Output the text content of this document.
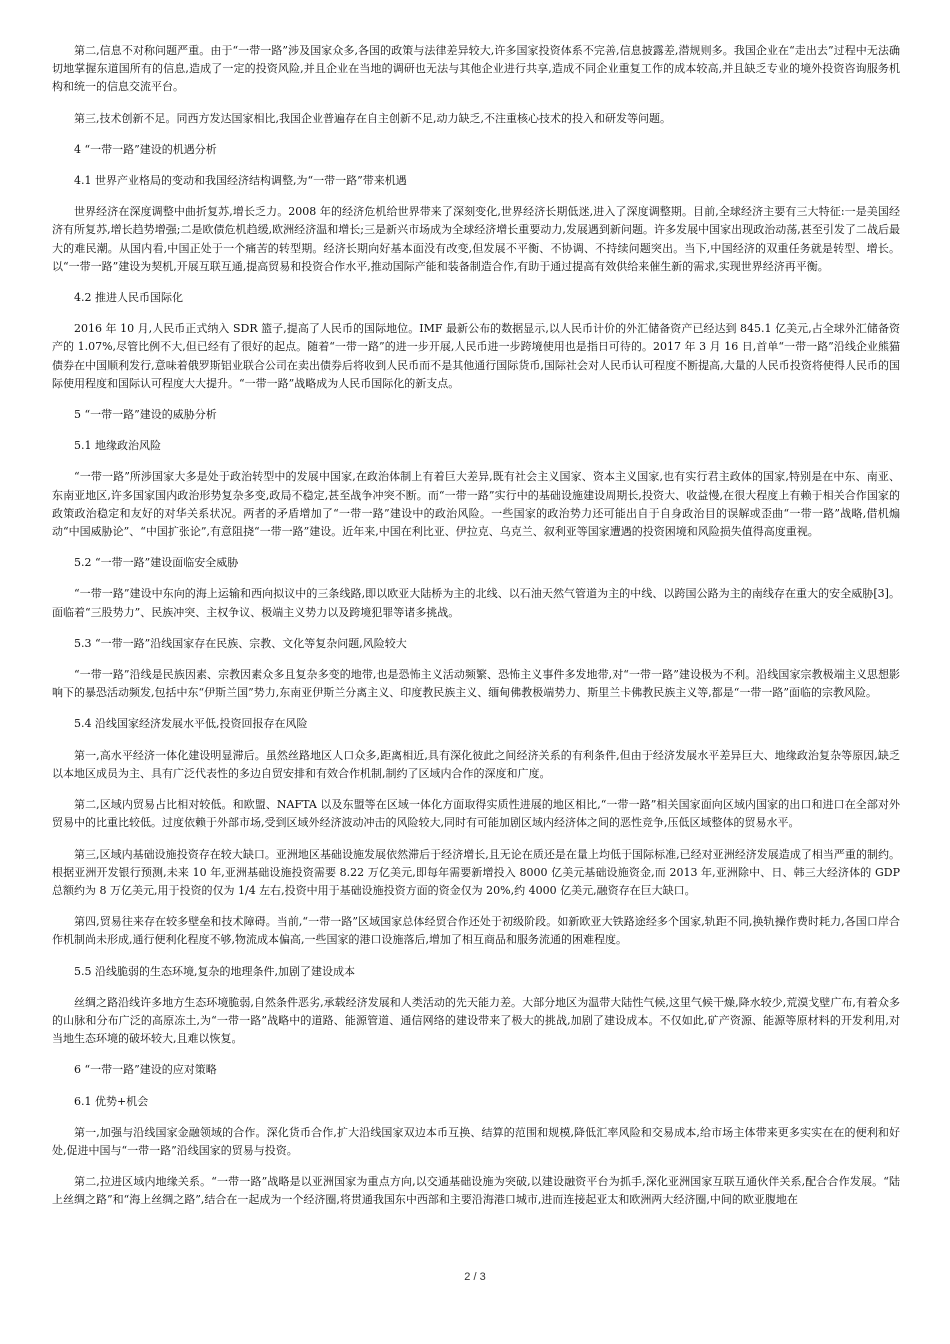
第二,信息不对称问题严重。由于“一带一路”涉及国家众多,各国的政策与法律差异较大,许多国家投资体系不完善,信息披露差,潜规则多。我国企业在“走出去”过程中无法确切地掌握东道国所有的信息,造成了一定的投资风险,并且企业在当地的调研也无法与其他企业进行共享,造成不同企业重复工作的成本较高,并且缺乏专业的境外投资咨询服务机构和统一的信息交流平台。

第三,技术创新不足。同西方发达国家相比,我国企业普遍存在自主创新不足,动力缺乏,不注重核心技术的投入和研发等问题。

4 “一带一路”建设的机遇分析

4.1 世界产业格局的变动和我国经济结构调整,为“一带一路”带来机遇

世界经济在深度调整中曲折复苏,增长乏力。2008 年的经济危机给世界带来了深刻变化,世界经济长期低迷,进入了深度调整期。目前,全球经济主要有三大特征:一是美国经济有所复苏,增长趋势增强;二是欧债危机趋缓,欧洲经济温和增长;三是新兴市场成为全球经济增长重要动力,发展遇到新问题。许多发展中国家出现政治动荡,甚至引发了二战后最大的难民潮。从国内看,中国正处于一个痛苦的转型期。经济长期向好基本面没有改变,但发展不平衡、不协调、不持续问题突出。当下,中国经济的双重任务就是转型、增长。以“一带一路”建设为契机,开展互联互通,提高贸易和投资合作水平,推动国际产能和装备制造合作,有助于通过提高有效供给来催生新的需求,实现世界经济再平衡。

4.2 推进人民币国际化

2016 年 10 月,人民币正式纳入 SDR 篮子,提高了人民币的国际地位。IMF 最新公布的数据显示,以人民币计价的外汇储备资产已经达到 845.1 亿美元,占全球外汇储备资产的 1.07%,尽管比例不大,但已经有了很好的起点。随着“一带一路”的进一步开展,人民币进一步跨境使用也是指日可待的。2017 年 3 月 16 日,首单“一带一路”沿线企业熊猫债券在中国顺利发行,意味着俄罗斯铝业联合公司在卖出债券后将收到人民币而不是其他通行国际货币,国际社会对人民币认可程度不断提高,大量的人民币投资将使得人民币的国际使用程度和国际认可程度大大提升。“一带一路”战略成为人民币国际化的新支点。

5 “一带一路”建设的威胁分析

5.1 地缘政治风险

“一带一路”所涉国家大多是处于政治转型中的发展中国家,在政治体制上有着巨大差异,既有社会主义国家、资本主义国家,也有实行君主政体的国家,特别是在中东、南亚、东南亚地区,许多国家国内政治形势复杂多变,政局不稳定,甚至战争冲突不断。而“一带一路”实行中的基础设施建设周期长,投资大、收益慢,在很大程度上有赖于相关合作国家的政策政治稳定和友好的对华关系状况。两者的矛盾增加了“一带一路”建设中的政治风险。一些国家的政治势力还可能出自于自身政治目的误解或歪曲“一带一路”战略,借机煽动“中国威胁论”、“中国扩张论”,有意阻挠“一带一路”建设。近年来,中国在利比亚、伊拉克、乌克兰、叙利亚等国家遭遇的投资困境和风险损失值得高度重视。

5.2 “一带一路”建设面临安全威胁

“一带一路”建设中东向的海上运输和西向拟议中的三条线路,即以欧亚大陆桥为主的北线、以石油天然气管道为主的中线、以跨国公路为主的南线存在重大的安全威胁[3]。面临着“三股势力”、民族冲突、主权争议、极端主义势力以及跨境犯罪等诸多挑战。

5.3 “一带一路”沿线国家存在民族、宗教、文化等复杂问题,风险较大

“一带一路”沿线是民族因素、宗教因素众多且复杂多变的地带,也是恐怖主义活动频繁、恐怖主义事件多发地带,对“一带一路”建设极为不利。沿线国家宗教极端主义思想影响下的暴恐活动频发,包括中东“伊斯兰国”势力,东南亚伊斯兰分离主义、印度教民族主义、缅甸佛教极端势力、斯里兰卡佛教民族主义等,都是“一带一路”面临的宗教风险。

5.4 沿线国家经济发展水平低,投资回报存在风险

第一,高水平经济一体化建设明显滞后。虽然丝路地区人口众多,距离相近,具有深化彼此之间经济关系的有利条件,但由于经济发展水平差异巨大、地缘政治复杂等原因,缺乏以本地区成员为主、具有广泛代表性的多边自贸安排和有效合作机制,制约了区域内合作的深度和广度。

第二,区域内贸易占比相对较低。和欧盟、NAFTA 以及东盟等在区域一体化方面取得实质性进展的地区相比,“一带一路”相关国家面向区域内国家的出口和进口在全部对外贸易中的比重比较低。过度依赖于外部市场,受到区域外经济波动冲击的风险较大,同时有可能加剧区域内经济体之间的恶性竞争,压低区域整体的贸易水平。

第三,区域内基础设施投资存在较大缺口。亚洲地区基础设施发展依然滞后于经济增长,且无论在质还是在量上均低于国际标准,已经对亚洲经济发展造成了相当严重的制约。根据亚洲开发银行预测,未来 10 年,亚洲基础设施投资需要 8.22 万亿美元,即每年需要新增投入 8000 亿美元基础设施资金,而 2013 年,亚洲除中、日、韩三大经济体的 GDP 总额约为 8 万亿美元,用于投资的仅为 1/4 左右,投资中用于基础设施投资方面的资金仅为 20%,约 4000 亿美元,融资存在巨大缺口。

第四,贸易往来存在较多壁垒和技术障碍。当前,“一带一路”区域国家总体经贸合作还处于初级阶段。如新欧亚大铁路途经多个国家,轨距不同,换轨操作费时耗力,各国口岸合作机制尚未形成,通行便利化程度不够,物流成本偏高,一些国家的港口设施落后,增加了相互商品和服务流通的困难程度。

5.5 沿线脆弱的生态环境,复杂的地理条件,加剧了建设成本

丝绸之路沿线许多地方生态环境脆弱,自然条件恶劣,承载经济发展和人类活动的先天能力差。大部分地区为温带大陆性气候,这里气候干燥,降水较少,荒漠戈壁广布,有着众多的山脉和分布广泛的高原冻土,为“一带一路”战略中的道路、能源管道、通信网络的建设带来了极大的挑战,加剧了建设成本。不仅如此,矿产资源、能源等原材料的开发利用,对当地生态环境的破坏较大,且难以恢复。

6 “一带一路”建设的应对策略

6.1 优势+机会

第一,加强与沿线国家金融领域的合作。深化货币合作,扩大沿线国家双边本币互换、结算的范围和规模,降低汇率风险和交易成本,给市场主体带来更多实实在在的便利和好处,促进中国与“一带一路”沿线国家的贸易与投资。

第二,拉进区域内地缘关系。“一带一路”战略是以亚洲国家为重点方向,以交通基础设施为突破,以建设融资平台为抓手,深化亚洲国家互联互通伙伴关系,配合合作发展。“陆上丝绸之路”和“海上丝绸之路”,结合在一起成为一个经济圈,将贯通我国东中西部和主要沿海港口城市,进而连接起亚太和欧洲两大经济圈,中间的欧亚腹地在

2 / 3
